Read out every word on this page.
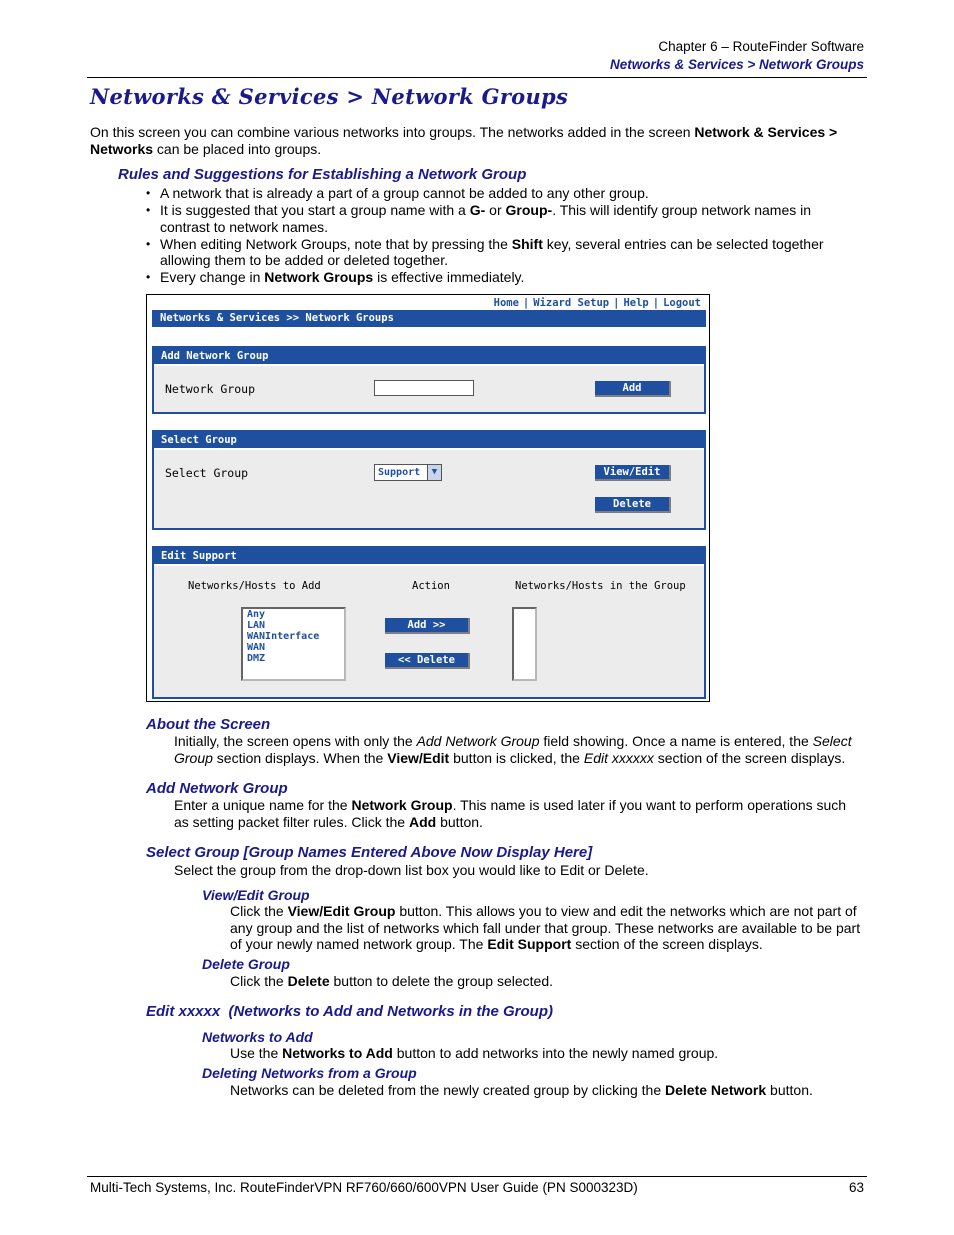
Chapter 6 – RouteFinder Software
Networks & Services > Network Groups
Networks & Services > Network Groups
On this screen you can combine various networks into groups. The networks added in the screen Network & Services >
Networks can be placed into groups.
Rules and Suggestions for Establishing a Network Group
• A network that is already a part of a group cannot be added to any other group.
• It is suggested that you start a group name with a G- or Group-. This will identify group network names in
contrast to network names.
• When editing Network Groups, note that by pressing the Shift key, several entries can be selected together
allowing them to be added or deleted together.
• Every change in Network Groups is effective immediately.
Home | Wizard Setup | Help | Logout
Networks & Services >> Network Groups
Add Network Group
Network Group	Add
Select Group
Select Group	Support	▼	View/Edit
Delete
Edit Support
Networks/Hosts to Add	Action	Networks/Hosts in the Group
Any
LAN
WANInterface
WAN
DMZ
Add >>
<< Delete
About the Screen
Initially, the screen opens with only the Add Network Group field showing. Once a name is entered, the Select
Group section displays. When the View/Edit button is clicked, the Edit xxxxxx section of the screen displays.
Add Network Group
Enter a unique name for the Network Group. This name is used later if you want to perform operations such
as setting packet filter rules. Click the Add button.
Select Group [Group Names Entered Above Now Display Here]
Select the group from the drop-down list box you would like to Edit or Delete.
View/Edit Group
Click the View/Edit Group button. This allows you to view and edit the networks which are not part of
any group and the list of networks which fall under that group. These networks are available to be part
of your newly named network group. The Edit Support section of the screen displays.
Delete Group
Click the Delete button to delete the group selected.
Edit xxxxx  (Networks to Add and Networks in the Group)
Networks to Add
Use the Networks to Add button to add networks into the newly named group.
Deleting Networks from a Group
Networks can be deleted from the newly created group by clicking the Delete Network button.
Multi-Tech Systems, Inc. RouteFinderVPN RF760/660/600VPN User Guide (PN S000323D)	63
